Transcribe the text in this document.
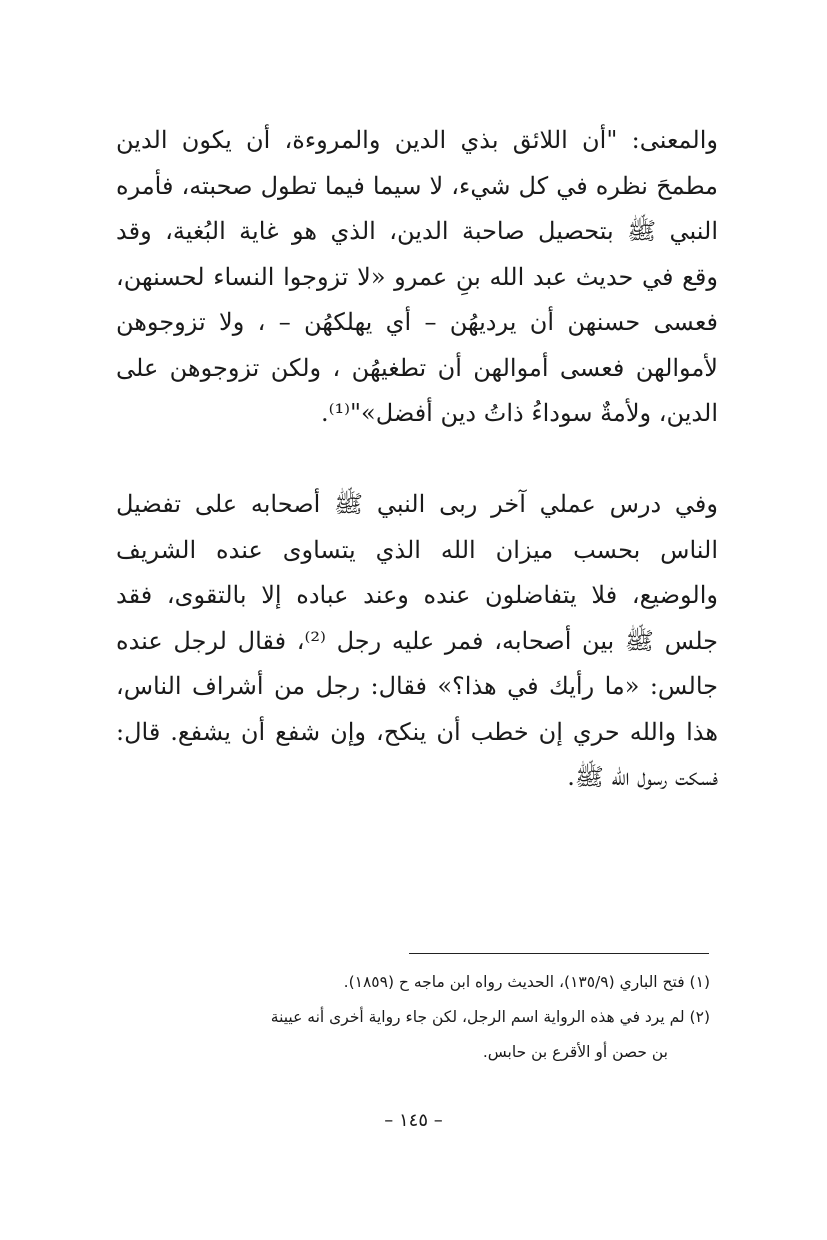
والمعنى: "أن اللائق بذي الدين والمروءة، أن يكون الدين
مطمحَ نظره في كل شيء، لا سيما فيما تطول صحبته، فأمره
النبي ﷺ بتحصيل صاحبة الدين، الذي هو غاية البُغية، وقد
وقع في حديث عبد الله بنِ عمرو «لا تزوجوا النساء لحسنهن،
فعسى حسنهن أن يرديهُن – أي يهلكهُن – ، ولا تزوجوهن
لأموالهن فعسى أموالهن أن تطغيهُن ، ولكن تزوجوهن على
الدين، ولأمةٌ سوداءُ ذاتُ دين أفضل»"⁽¹⁾.

وفي درس عملي آخر ربى النبي ﷺ أصحابه على تفضيل
الناس بحسب ميزان الله الذي يتساوى عنده الشريف
والوضيع، فلا يتفاضلون عنده وعند عباده إلا بالتقوى، فقد
جلس ﷺ بين أصحابه، فمر عليه رجل ⁽²⁾، فقال لرجل عنده
جالس: «ما رأيك في هذا؟» فقال: رجل من أشراف الناس،
هذا والله حري إن خطب أن ينكح، وإن شفع أن يشفع. قال:
فسكت رسول الله ﷺ.

(١) فتح الباري (١٣٥/٩)، الحديث رواه ابن ماجه ح (١٨٥٩).
(٢) لم يرد في هذه الرواية اسم الرجل، لكن جاء رواية أخرى أنه عيينة
بن حصن أو الأقرع بن حابس.
– ١٤٥ –
